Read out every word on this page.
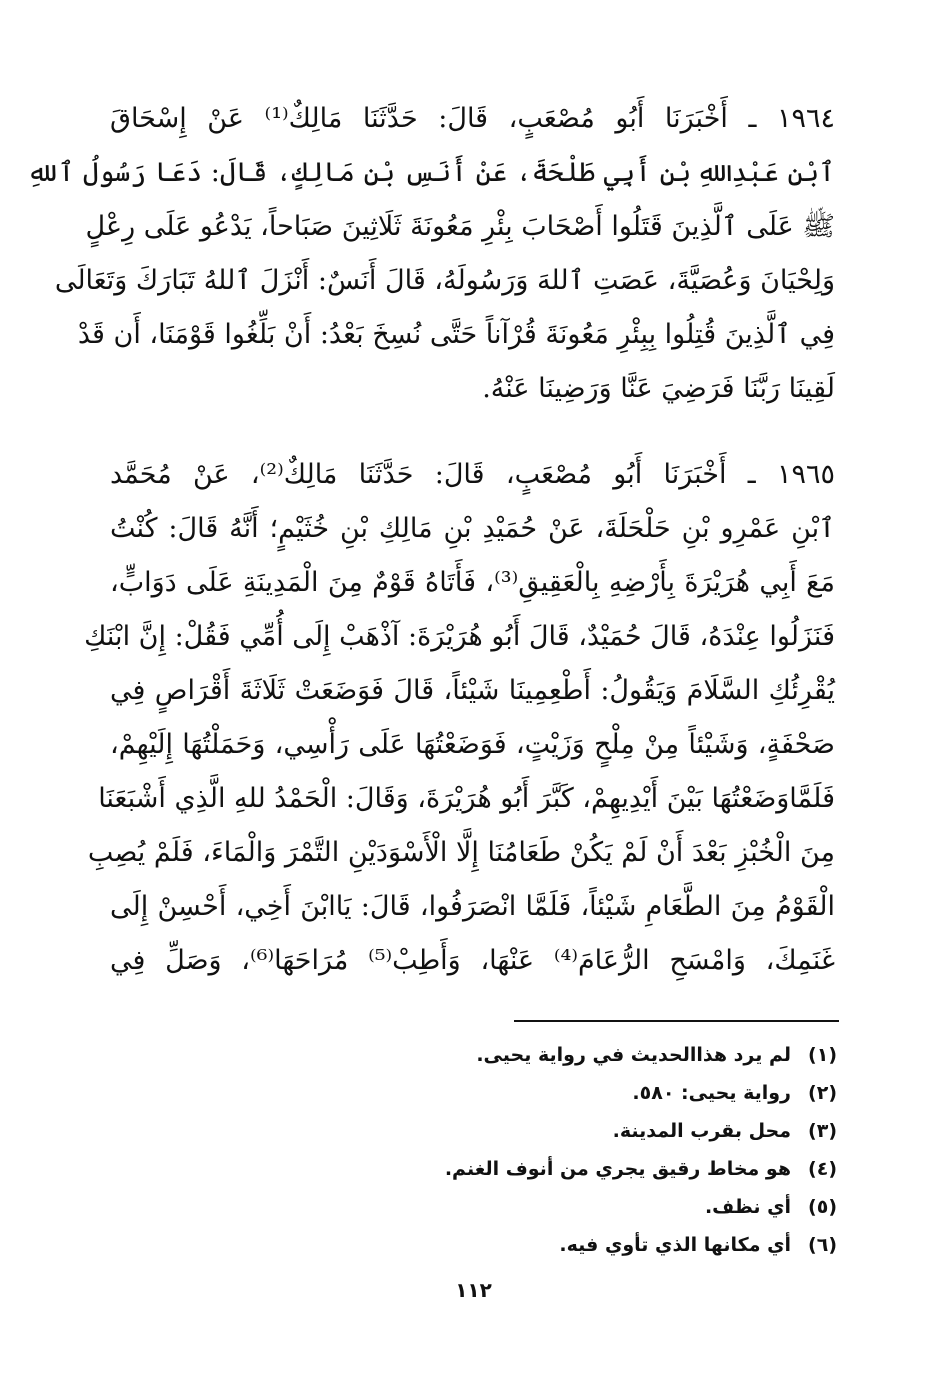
١٩٦٤ ـ أَخْبَرَنَا أَبُو مُصْعَبٍ، قَالَ: حَدَّثَنَا مَالِكٌ⁽¹⁾ عَنْ إِسْحَاقَ
ٱبْنِ عَبْدِاللهِ بْنِ أَبِي طَلْحَةَ، عَنْ أَنَسِ بْنِ مَالِكٍ، قَالَ: دَعَا رَسُولُ ٱللهِ
ﷺ عَلَى ٱلَّذِينَ قَتَلُوا أَصْحَابَ بِئْرِ مَعُونَةَ ثَلَاثِينَ صَبَاحاً، يَدْعُو عَلَى رِعْلٍ
وَلِحْيَانَ وَعُصَيَّةَ، عَصَتِ ٱللهَ وَرَسُولَهُ، قَالَ أَنَسٌ: أَنْزَلَ ٱللهُ تَبَارَكَ وَتَعَالَى
فِي ٱلَّذِينَ قُتِلُوا بِبِئْرِ مَعُونَةَ قُرْآناً حَتَّى نُسِخَ بَعْدُ: أَنْ بَلِّغُوا قَوْمَنَا، أَن قَدْ
لَقِينَا رَبَّنَا فَرَضِيَ عَنَّا وَرَضِينَا عَنْهُ.
١٩٦٥ ـ أَخْبَرَنَا أَبُو مُصْعَبٍ، قَالَ: حَدَّثَنَا مَالِكٌ⁽²⁾، عَنْ مُحَمَّد
ٱبْنِ عَمْرِو بْنِ حَلْحَلَةَ، عَنْ حُمَيْدِ بْنِ مَالِكِ بْنِ خُثَيْمٍ؛ أَنَّهُ قَالَ: كُنْتُ
مَعَ أَبِي هُرَيْرَةَ بِأَرْضِهِ بِالْعَقِيقِ⁽³⁾، فَأَتَاهُ قَوْمٌ مِنَ الْمَدِينَةِ عَلَى دَوَابٍّ،
فَنَزَلُوا عِنْدَهُ، قَالَ حُمَيْدٌ، قَالَ أَبُو هُرَيْرَةَ: آذْهَبْ إِلَى أُمِّي فَقُلْ: إِنَّ ابْنَكِ
يُقْرِئُكِ السَّلَامَ وَيَقُولُ: أَطْعِمِينَا شَيْئاً، قَالَ فَوَضَعَتْ ثَلَاثَةَ أَقْرَاصٍ فِي
صَحْفَةٍ، وَشَيْئاً مِنْ مِلْحٍ وَزَيْتٍ، فَوَضَعْتُهَا عَلَى رَأْسِي، وَحَمَلْتُهَا إِلَيْهِمْ،
فَلَمَّاوَضَعْتُهَا بَيْنَ أَيْدِيهِمْ، كَبَّرَ أَبُو هُرَيْرَةَ، وَقَالَ: الْحَمْدُ للهِ الَّذِي أَشْبَعَنَا
مِنَ الْخُبْزِ بَعْدَ أَنْ لَمْ يَكُنْ طَعَامُنَا إِلَّا الْأَسْوَدَيْنِ التَّمْرَ وَالْمَاءَ، فَلَمْ يُصِبِ
الْقَوْمُ مِنَ الطَّعَامِ شَيْئاً، فَلَمَّا انْصَرَفُوا، قَالَ: يَاابْنَ أَخِي، أَحْسِنْ إِلَى
غَنَمِكَ، وَامْسَحِ الرُّعَامَ⁽⁴⁾ عَنْهَا، وَأَطِبْ⁽⁵⁾ مُرَاحَهَا⁽⁶⁾، وَصَلِّ فِي
(١)لم يرد هذاالحديث في رواية يحيى.
(٢)رواية يحيى: ٥٨٠.
(٣)محل بقرب المدينة.
(٤)هو مخاط رقيق يجري من أنوف الغنم.
(٥)أي نظف.
(٦)أي مكانها الذي تأوي فيه.
١١٢
